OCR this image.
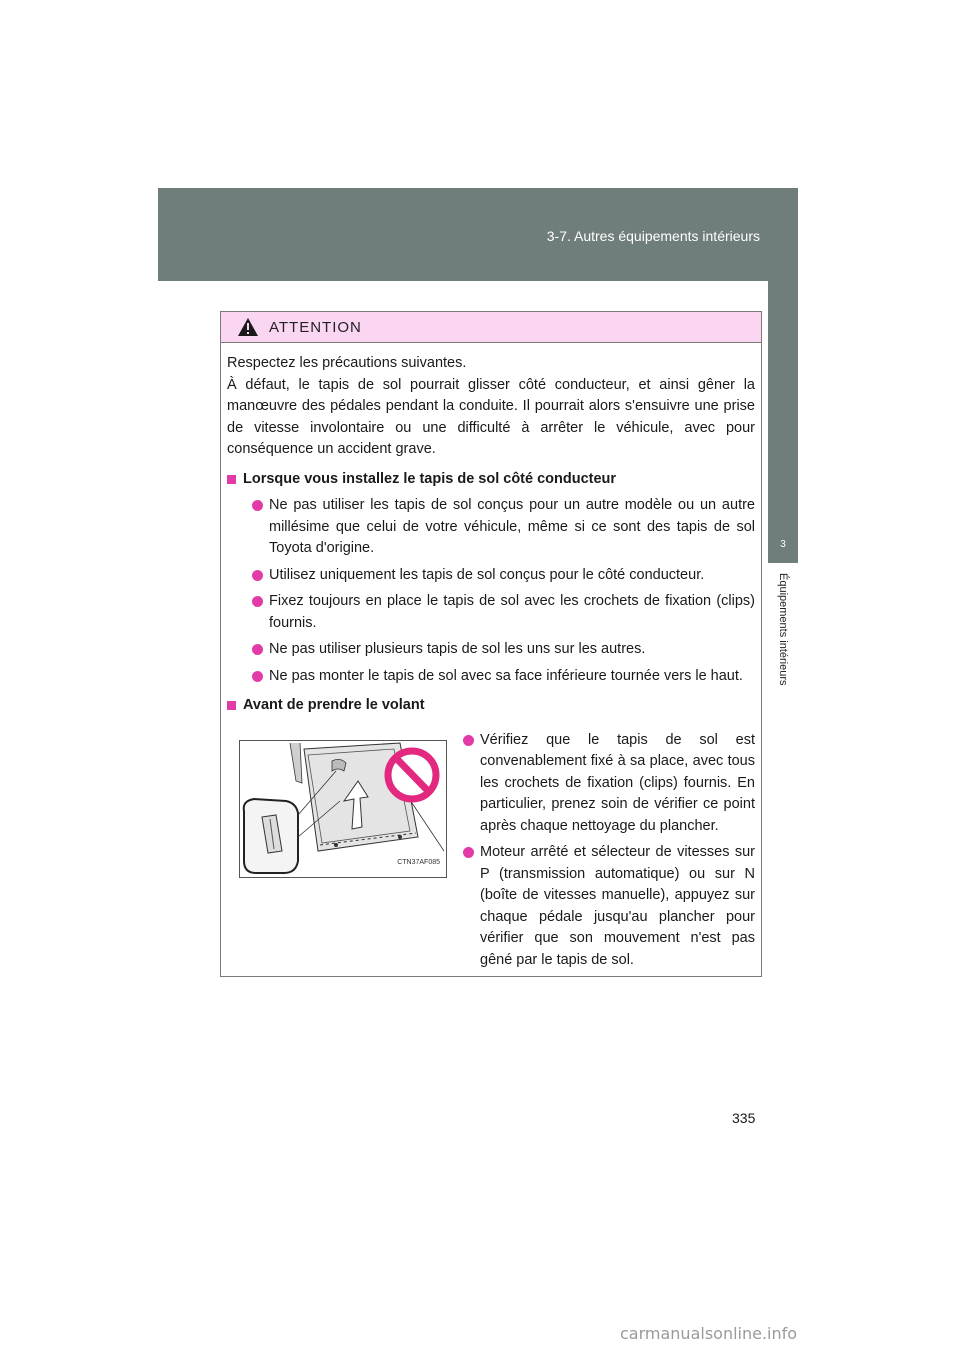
3-7. Autres équipements intérieurs
3
Équipements intérieurs
ATTENTION

Respectez les précautions suivantes.

À défaut, le tapis de sol pourrait glisser côté conducteur, et ainsi gêner la manœuvre des pédales pendant la conduite. Il pourrait alors s'ensuivre une prise de vitesse involontaire ou une difficulté à arrêter le véhicule, avec pour conséquence un accident grave.

Lorsque vous installez le tapis de sol côté conducteur
Ne pas utiliser les tapis de sol conçus pour un autre modèle ou un autre millésime que celui de votre véhicule, même si ce sont des tapis de sol Toyota d'origine.
Utilisez uniquement les tapis de sol conçus pour le côté conducteur.
Fixez toujours en place le tapis de sol avec les crochets de fixation (clips) fournis.
Ne pas utiliser plusieurs tapis de sol les uns sur les autres.
Ne pas monter le tapis de sol avec sa face inférieure tournée vers le haut.
Avant de prendre le volant
CTN37AF085
Vérifiez que le tapis de sol est convenablement fixé à sa place, avec tous les crochets de fixation (clips) fournis. En particulier, prenez soin de vérifier ce point après chaque nettoyage du plancher.
Moteur arrêté et sélecteur de vitesses sur P (transmission automatique) ou sur N (boîte de vitesses manuelle), appuyez sur chaque pédale jusqu'au plancher pour vérifier que son mouvement n'est pas gêné par le tapis de sol.
335
carmanualsonline.info
